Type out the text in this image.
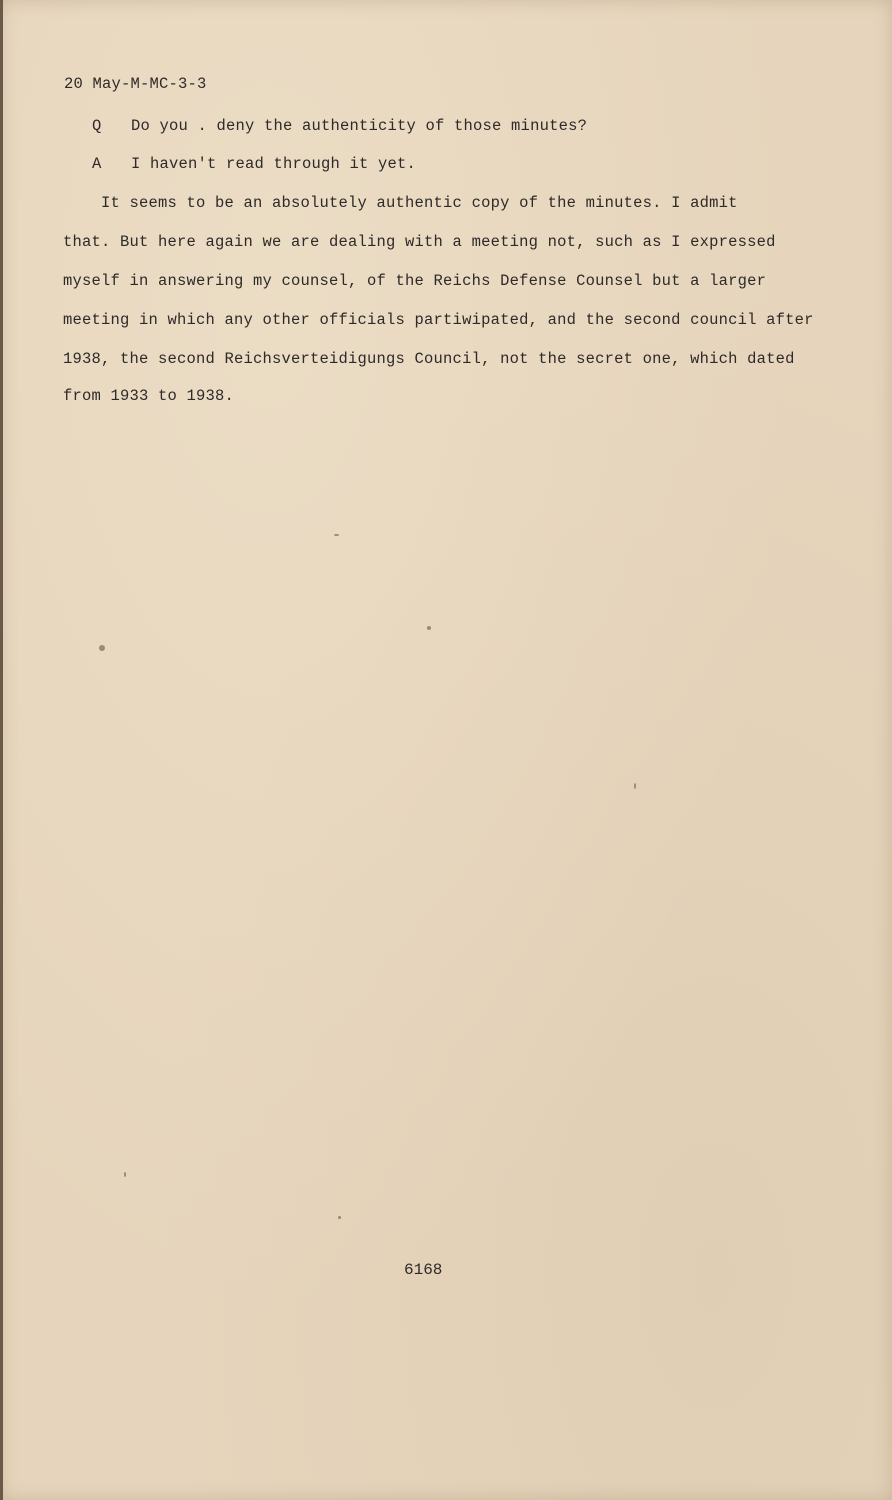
20 May-M-MC-3-3
Q Do you . deny the authenticity of those minutes?
A I haven't read through it yet.
It seems to be an absolutely authentic copy of the minutes. I admit
that. But here again we are dealing with a meeting not, such as I expressed
myself in answering my counsel, of the Reichs Defense Counsel but a larger
meeting in which any other officials partiwipated, and the second council after
1938, the second Reichsverteidigungs Council, not the secret one, which dated
from 1933 to 1938.
6168
